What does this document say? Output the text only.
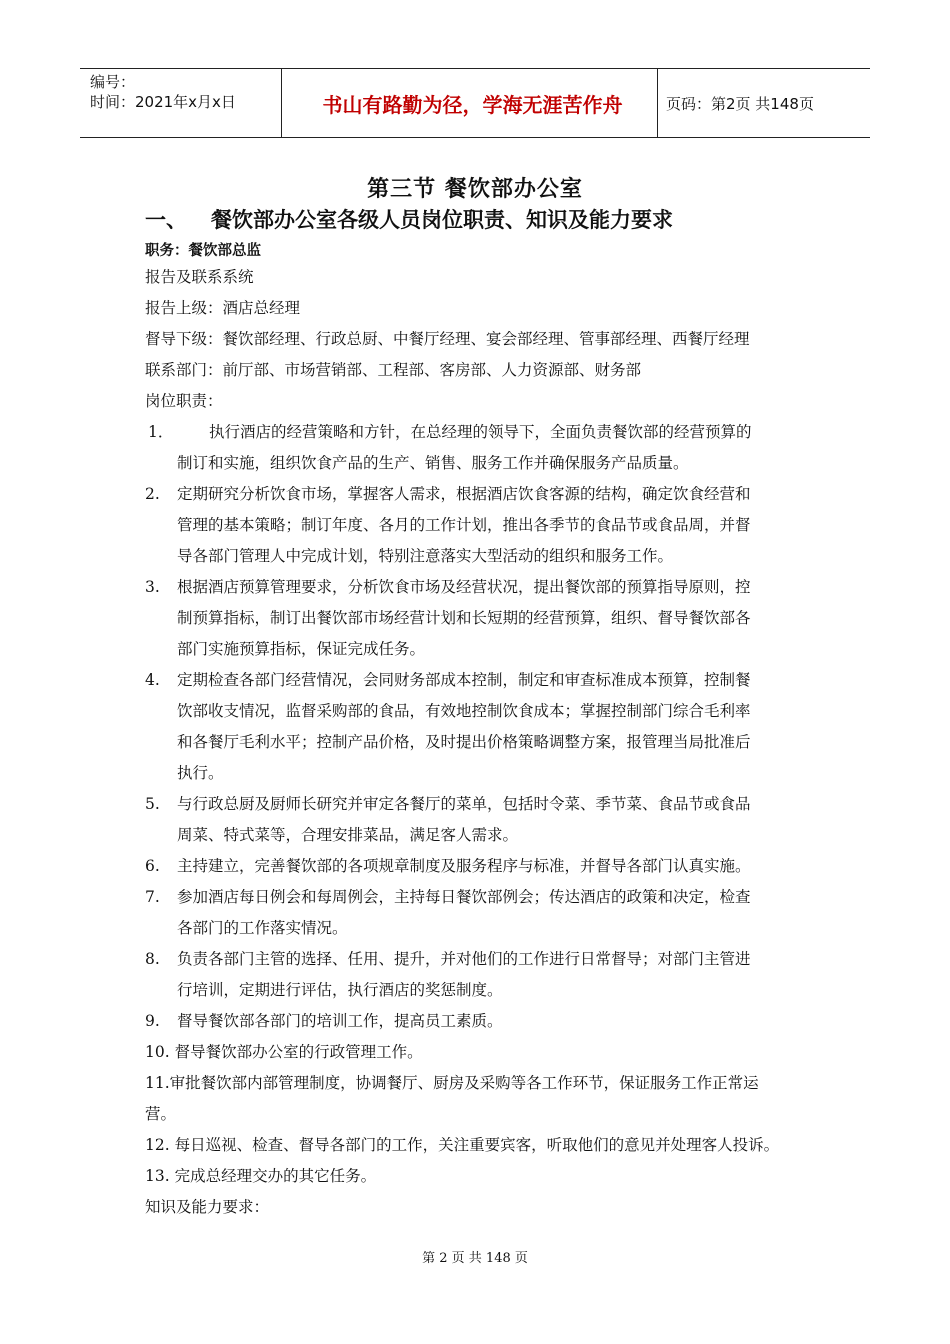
编号：
时间：2021年x月x日	书山有路勤为径，学海无涯苦作舟	页码：第2页 共148页
第三节 餐饮部办公室
一、	餐饮部办公室各级人员岗位职责、知识及能力要求
职务：餐饮部总监
报告及联系系统
报告上级：酒店总经理
督导下级：餐饮部经理、行政总厨、中餐厅经理、宴会部经理、管事部经理、西餐厅经理
联系部门：前厅部、市场营销部、工程部、客房部、人力资源部、财务部
岗位职责：
1．	执行酒店的经营策略和方针，在总经理的领导下，全面负责餐饮部的经营预算的
制订和实施，组织饮食产品的生产、销售、服务工作并确保服务产品质量。
2.	定期研究分析饮食市场，掌握客人需求，根据酒店饮食客源的结构，确定饮食经营和
管理的基本策略；制订年度、各月的工作计划，推出各季节的食品节或食品周，并督
导各部门管理人中完成计划，特别注意落实大型活动的组织和服务工作。
3.	根据酒店预算管理要求，分析饮食市场及经营状况，提出餐饮部的预算指导原则，控
制预算指标，制订出餐饮部市场经营计划和长短期的经营预算，组织、督导餐饮部各
部门实施预算指标，保证完成任务。
4.	定期检查各部门经营情况，会同财务部成本控制，制定和审查标准成本预算，控制餐
饮部收支情况，监督采购部的食品，有效地控制饮食成本；掌握控制部门综合毛利率
和各餐厅毛利水平；控制产品价格，及时提出价格策略调整方案，报管理当局批准后
执行。
5.	与行政总厨及厨师长研究并审定各餐厅的菜单，包括时令菜、季节菜、食品节或食品
周菜、特式菜等，合理安排菜品，满足客人需求。
6.	主持建立，完善餐饮部的各项规章制度及服务程序与标准，并督导各部门认真实施。
7.	参加酒店每日例会和每周例会，主持每日餐饮部例会；传达酒店的政策和决定，检查
各部门的工作落实情况。
8.	负责各部门主管的选择、任用、提升，并对他们的工作进行日常督导；对部门主管进
行培训，定期进行评估，执行酒店的奖惩制度。
9.	督导餐饮部各部门的培训工作，提高员工素质。
10. 督导餐饮部办公室的行政管理工作。
11.审批餐饮部内部管理制度，协调餐厅、厨房及采购等各工作环节，保证服务工作正常运
营。
12. 每日巡视、检查、督导各部门的工作，关注重要宾客，听取他们的意见并处理客人投诉。
13. 完成总经理交办的其它任务。
知识及能力要求：
第 2 页 共 148 页
